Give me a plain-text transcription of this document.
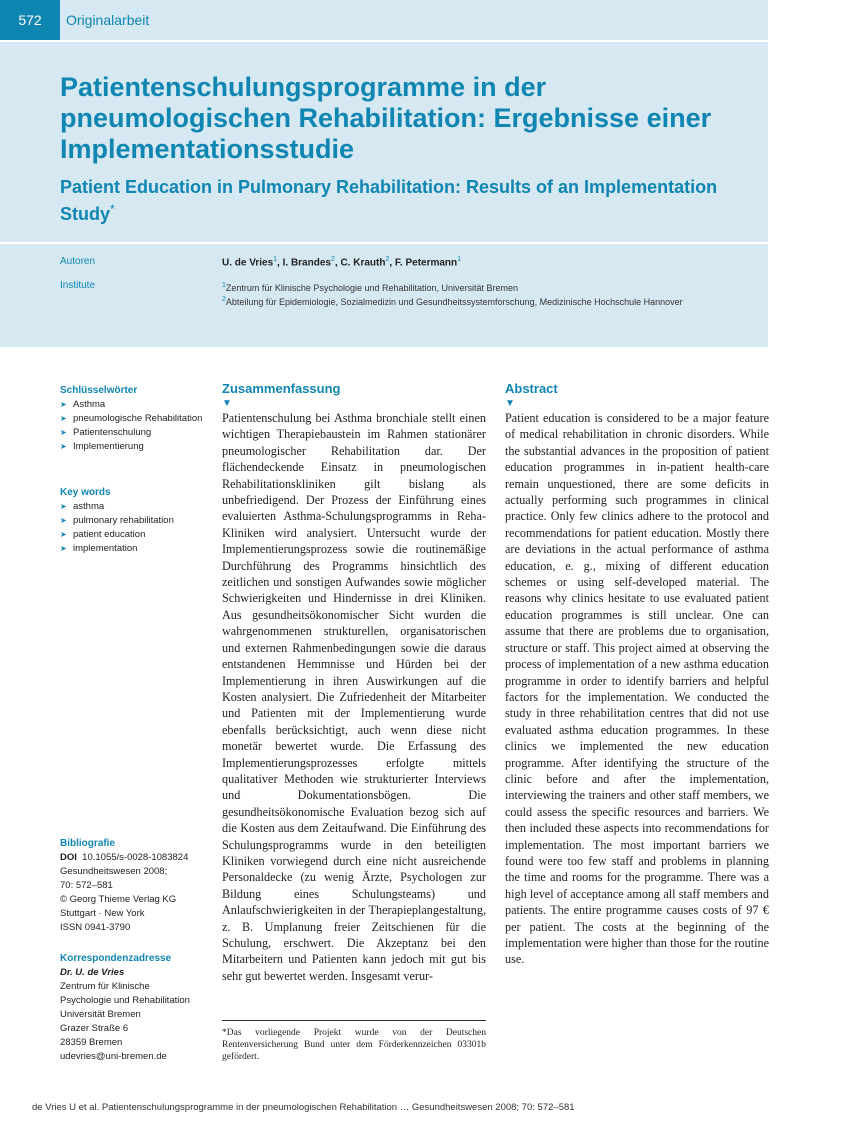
572	Originalarbeit
Patientenschulungsprogramme in der pneumologischen Rehabilitation: Ergebnisse einer Implementationsstudie
Patient Education in Pulmonary Rehabilitation: Results of an Implementation Study*
Autoren
Institute
U. de Vries$^1$, I. Brandes$^2$, C. Krauth$^2$, F. Petermann$^1$
$^1$Zentrum für Klinische Psychologie und Rehabilitation, Universität Bremen
$^2$Abteilung für Epidemiologie, Sozialmedizin und Gesundheitssystemforschung, Medizinische Hochschule Hannover
Schlüsselwörter
➤ Asthma
➤ pneumologische Rehabilitation
➤ Patientenschulung
➤ Implementierung
Key words
➤ asthma
➤ pulmonary rehabilitation
➤ patient education
➤ implementation
Bibliografie
DOI 10.1055/s-0028-1083824
Gesundheitswesen 2008;
70: 572–581
© Georg Thieme Verlag KG
Stuttgart · New York
ISSN 0941-3790
Korrespondenzadresse
Dr. U. de Vries
Zentrum für Klinische
Psychologie und Rehabilitation
Universität Bremen
Grazer Straße 6
28359 Bremen
udevries@uni-bremen.de
Zusammenfassung
▼

Patientenschulung bei Asthma bronchiale stellt einen wichtigen Therapiebaustein im Rahmen stationärer pneumologischer Rehabilitation dar. Der flächendeckende Einsatz in pneumologischen Rehabilitationskliniken gilt bislang als unbefriedigend. Der Prozess der Einführung eines evaluierten Asthma-Schulungsprogramms in Reha-Kliniken wird analysiert. Untersucht wurde der Implementierungsprozess sowie die routinemäßige Durchführung des Programms hinsichtlich des zeitlichen und sonstigen Aufwandes sowie möglicher Schwierigkeiten und Hindernisse in drei Kliniken. Aus gesundheitsökonomischer Sicht wurden die wahrgenommenen strukturellen, organisatorischen und externen Rahmenbedingungen sowie die daraus entstandenen Hemmnisse und Hürden bei der Implementierung in ihren Auswirkungen auf die Kosten analysiert. Die Zufriedenheit der Mitarbeiter und Patienten mit der Implementierung wurde ebenfalls berücksichtigt, auch wenn diese nicht monetär bewertet wurde. Die Erfassung des Implementierungsprozesses erfolgte mittels qualitativer Methoden wie strukturierter Interviews und Dokumentationsbögen. Die gesundheitsökonomische Evaluation bezog sich auf die Kosten aus dem Zeitaufwand. Die Einführung des Schulungsprogramms wurde in den beteiligten Kliniken vorwiegend durch eine nicht ausreichende Personaldecke (zu wenig Ärzte, Psychologen zur Bildung eines Schulungsteams) und Anlaufschwierigkeiten in der Therapieplangestaltung, z. B. Umplanung freier Zeitschienen für die Schulung, erschwert. Die Akzeptanz bei den Mitarbeitern und Patienten kann jedoch mit gut bis sehr gut bewertet werden. Insgesamt verur-

Abstract
▼

Patient education is considered to be a major feature of medical rehabilitation in chronic disorders. While the substantial advances in the proposition of patient education programmes in in-patient health-care remain unquestioned, there are some deficits in actually performing such programmes in clinical practice. Only few clinics adhere to the protocol and recommendations for patient education. Mostly there are deviations in the actual performance of asthma education, e. g., mixing of different education schemes or using self-developed material. The reasons why clinics hesitate to use evaluated patient education programmes is still unclear. One can assume that there are problems due to organisation, structure or staff. This project aimed at observing the process of implementation of a new asthma education programme in order to identify barriers and helpful factors for the implementation. We conducted the study in three rehabilitation centres that did not use evaluated asthma education programmes. In these clinics we implemented the new education programme. After identifying the structure of the clinic before and after the implementation, interviewing the trainers and other staff members, we could assess the specific resources and barriers. We then included these aspects into recommendations for implementation. The most important barriers we found were too few staff and problems in planning the time and rooms for the programme. There was a high level of acceptance among all staff members and patients. The entire programme causes costs of 97 € per patient. The costs at the beginning of the implementation were higher than those for the routine use.

*Das vorliegende Projekt wurde von der Deutschen Rentenversicherung Bund unter dem Förderkennzeichen 03301b gefördert.
de Vries U et al. Patientenschulungsprogramme in der pneumologischen Rehabilitation … Gesundheitswesen 2008; 70: 572–581
